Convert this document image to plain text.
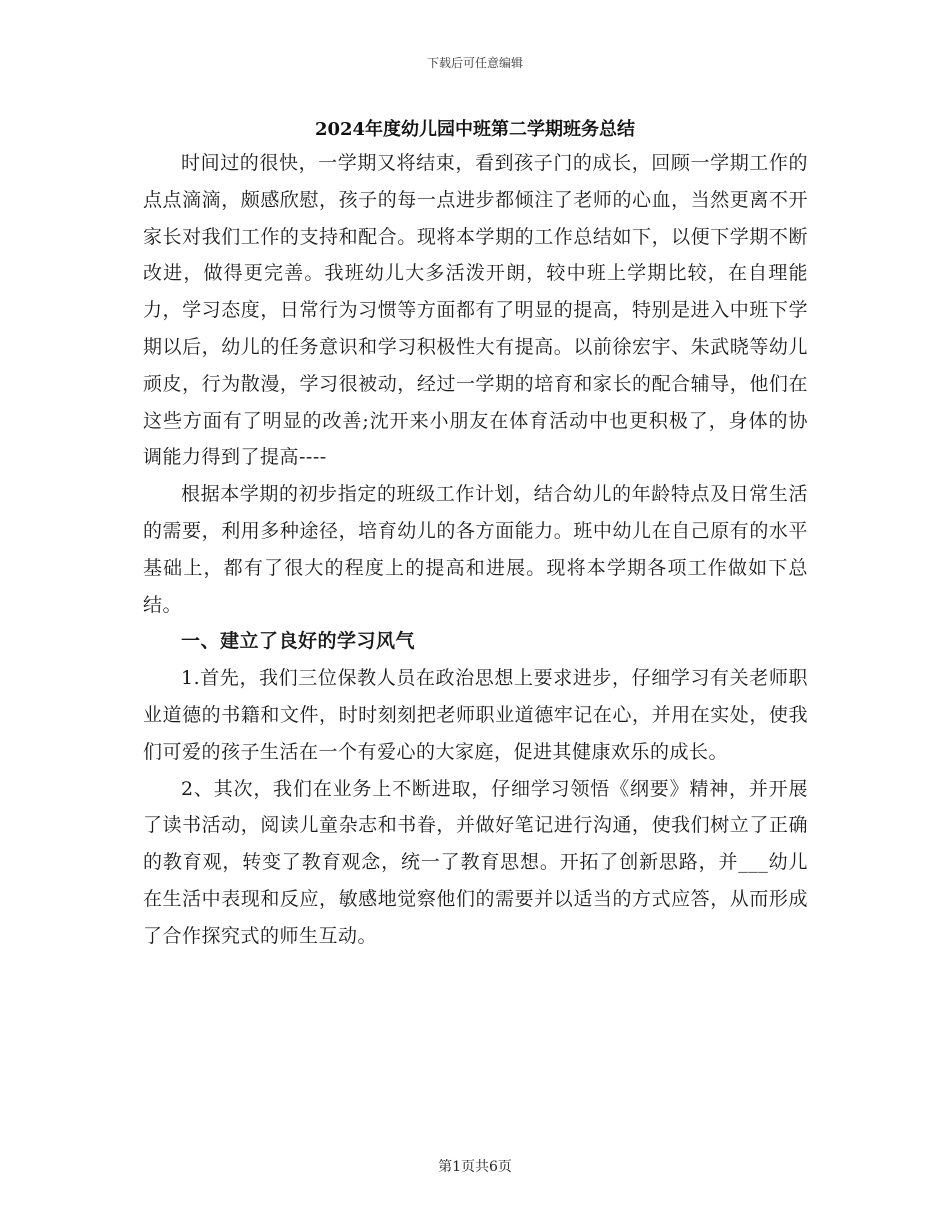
下载后可任意编辑
2024年度幼儿园中班第二学期班务总结

时间过的很快，一学期又将结束，看到孩子门的成长，回顾一学期工作的点点滴滴，颇感欣慰，孩子的每一点进步都倾注了老师的心血，当然更离不开家长对我们工作的支持和配合。现将本学期的工作总结如下，以便下学期不断改进，做得更完善。我班幼儿大多活泼开朗，较中班上学期比较，在自理能力，学习态度，日常行为习惯等方面都有了明显的提高，特别是进入中班下学期以后，幼儿的任务意识和学习积极性大有提高。以前徐宏宇、朱武晓等幼儿顽皮，行为散漫，学习很被动，经过一学期的培育和家长的配合辅导，他们在这些方面有了明显的改善;沈开来小朋友在体育活动中也更积极了，身体的协调能力得到了提高----

根据本学期的初步指定的班级工作计划，结合幼儿的年龄特点及日常生活的需要，利用多种途径，培育幼儿的各方面能力。班中幼儿在自己原有的水平基础上，都有了很大的程度上的提高和进展。现将本学期各项工作做如下总结。

一、建立了良好的学习风气

1.首先，我们三位保教人员在政治思想上要求进步，仔细学习有关老师职业道德的书籍和文件，时时刻刻把老师职业道德牢记在心，并用在实处，使我们可爱的孩子生活在一个有爱心的大家庭，促进其健康欢乐的成长。

2、其次，我们在业务上不断进取，仔细学习领悟《纲要》精神，并开展了读书活动，阅读儿童杂志和书眷，并做好笔记进行沟通，使我们树立了正确的教育观，转变了教育观念，统一了教育思想。开拓了创新思路，并___幼儿在生活中表现和反应，敏感地觉察他们的需要并以适当的方式应答，从而形成了合作探究式的师生互动。

第1页共6页
